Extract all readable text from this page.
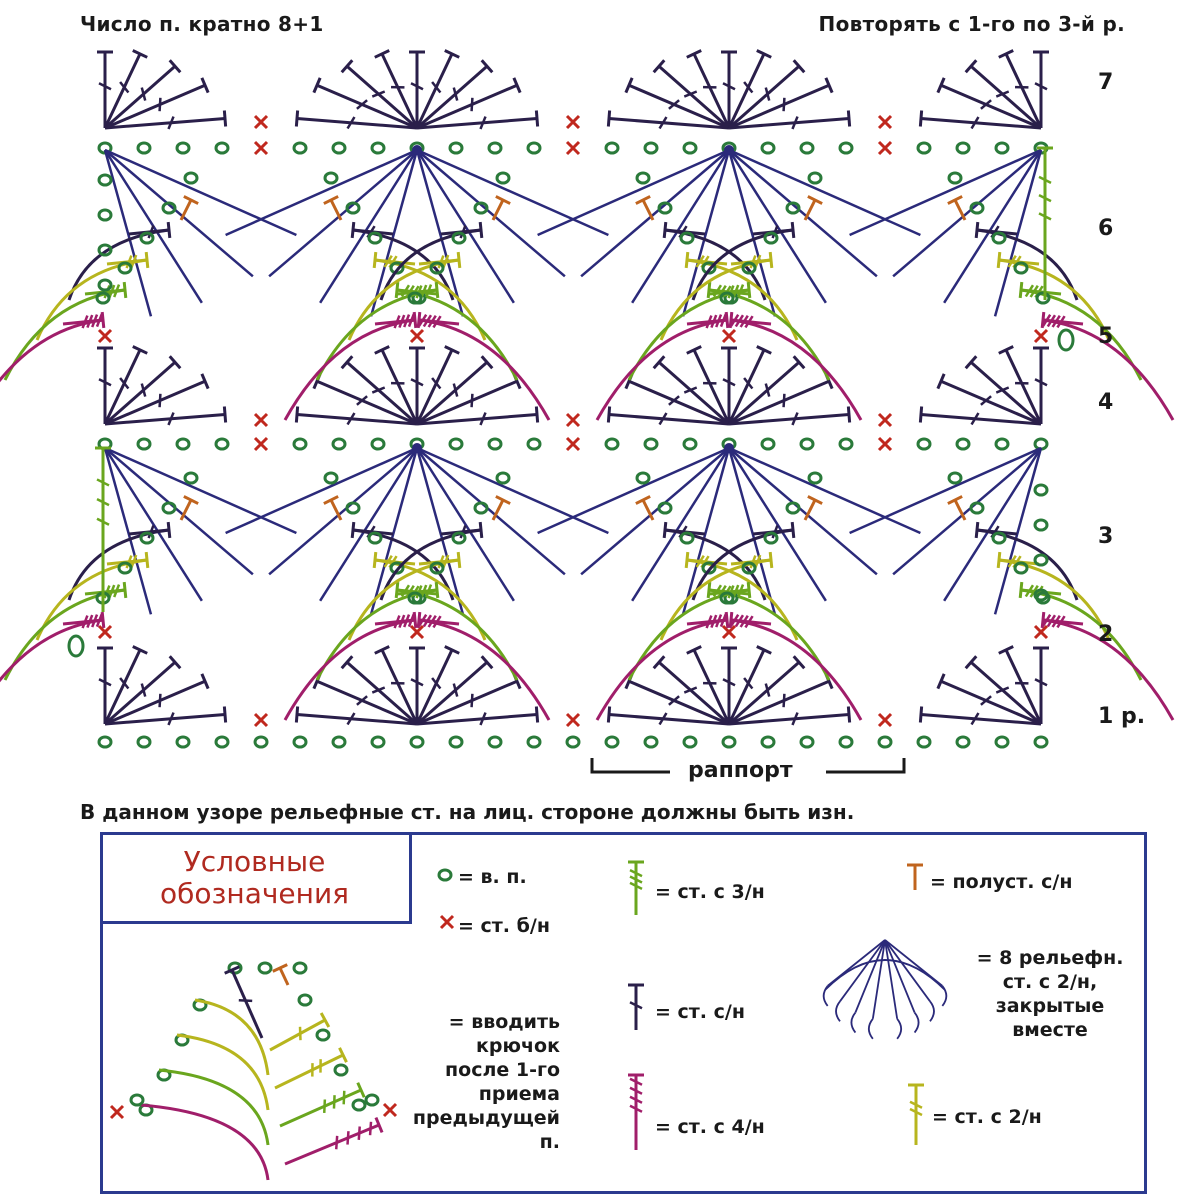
Число п. кратно 8+1	Повторять с 1-го по 3-й р.
7
6
5
4
3
2
1 р.
раппорт
В данном узоре рельефные ст. на лиц. стороне должны быть изн.
Условные
обозначения	= в. п.
= ст. б/н
= ст. с 3/н	= полуст. с/н
= ст. с/н
= ст. с 4/н	= ст. с 2/н
= 8 рельефн.
ст. с 2/н,
закрытые
вместе
= вводить
крючок
после 1-го
приема
предыдущей п.
